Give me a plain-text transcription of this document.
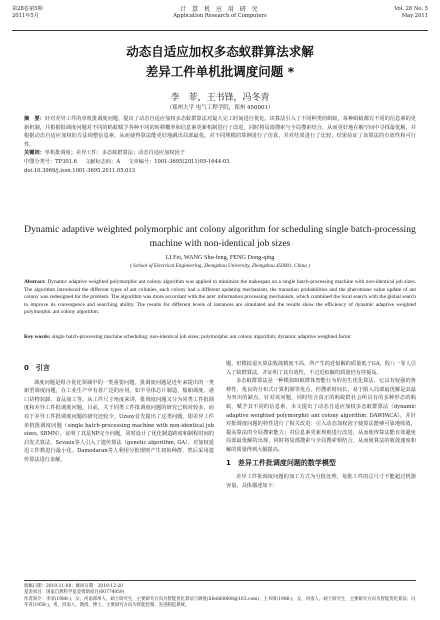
第28卷第5期
2011年5月
计 算 机 应 用 研 究
Application Research of Computers
Vol. 28 No. 5
May 2011
动态自适应加权多态蚁群算法求解
差异工件单机批调度问题 *
李　菲，王书锋，冯冬青
（郑州大学 电气工程学院，郑州 450001）
摘　要：针对差异工件的单机批调度问题，提出了动态自适应加权多态蚁群算法对最大完工时间进行优化。该算法引入了不同种类的蚂蚁，每种蚂蚁都有不同的信息素的更新机制，并根据批调度问题对不同的蚂蚁赋予各种不同的转移概率和信息素更新机制进行了改进，同时将局部搜索与全局搜索结合，从而更好地在解空间中寻找最优解，并根据动态自适应加权的方法调整信息素，从而使得算法能更好地跳出局部最优。对不同规模的算例进行了仿真，并对结果进行了比较，结果验证了该算法的有效性和可行性。
关键词：单机批调度；差异工件；多态蚁群算法；动态自适应加权因子
中图分类号：TP301.6 文献标志码：A 文章编号：1001-3695(2011)05-1644-03
doi:10.3969/j.issn.1001-3695.2011.05.013
Dynamic adaptive weighted polymorphic ant colony algorithm for scheduling single batch-processing machine with non-identical job sizes
LI Fei, WANG Shu-feng, FENG Dong-qing
( School of Electrical Engineering, Zhengzhou University, Zhengzhou 450001, China )
Abstract: Dynamic adaptive weighted polymorphic ant colony algorithm was applied to minimize the makespan on a single batch-processing machine with non-identical job sizes. The algorithm introduced the different types of ant colonies, each colony had a different updating mechanism, the transition probabilities and the pheromone value update of ant colony was redesigned for the problem. The algorithm was more accordant with the ants' information processing mechanism, which combined the local search with the global search to improve its convergence and searching ability. The results for different levels of instances are simulated and the results show the efficiency of dynamic adaptive weighted polymorphic ant colony algorithm.
Key words: single batch-processing machine scheduling; non-identical job sizes; polymorphic ant colony algorithm; dynamic adaptive weighted factor
0　引言

调度问题是组合优化领域中的一类重要问题。批调度问题是近年来提出的一类新型调度问题，在工业生产中有着广泛的应用，如半导体芯片制造、船舶调度、港口货物装卸、食品加工等。从工件尺寸角度来讲，批调度问题又分为同类工件批调度和差异工件批调度问题。目前，关于同类工件批调度问题的研究已相对较多，而对于差异工件批调度问题的研究还较少。Uzsoy首先提出了这类问题，即差异工件单机批调度问题（single batch-processing machine with non-identical job sizes, SBMN），证明了其是NP完全问题，同时设计了优化制造跨度和制程时间的启发式算法。Sevaux等人引入了遗传算法（genetic algorithm, GA），对加权延迟工件数进行最小化。Damodaran等人利用分批规则产生初始种群，然后采用遗传算法进行求解。

题，但模拟退火算法收敛精度不高，所产生的近似解的质量低于GA。程八一等人引入了蚁群算法，并证明了其有效性，不过近似解的质量仍有待提高。

多态蚁群算法是一种模拟蚂蚁群体智能行为的仿生优化算法，它具有较强的鲁棒性、优良的分布式计算机制等优点，但搜索时间长，易于陷入局部最优解是其最为突出的缺点。针对该问题，同时结合真正的蚂蚁群社会所具有的多种形态的蚂蚁，赋予其不同的信息素，本文提出了动态自适应加权多态蚁群算法（dynamic adaptive weighted polymorphic ant colony algorithm, DAWPACA），并针对批调度问题的特性进行了相关改进：引入动态加权因子使算法能够可靠地收敛，提高算法的全局搜索能力；对信息素更新规则进行改进，从而使得算法能有效避免局部最优解的出现，同时将局部搜索与全局搜索相结合，从而使算法的收敛速度和解的质量得到大幅提高。

1　差异工件批调度问题的数学模型

差异工件批调度问题的加工方式为分批处理，每批工件的总尺寸不能超过机器容量。具体描述如下：

收稿日期：2010-11-08；修回日期：2010-12-20
基金项目：国家自然科学基金资助项目(60774059)
作者简介：李菲(1986-)，女，河南郑州人，硕士研究生，主要研究方向为智能优化算法与调度(lifei860608@163.com)；王书锋(1986-)，女，河南人，硕士研究生，主要研究方向为智能优化算法；冯冬青(1958-)，男，河南人，教授，博士，主要研究方向为智能控制、先进制造系统。
